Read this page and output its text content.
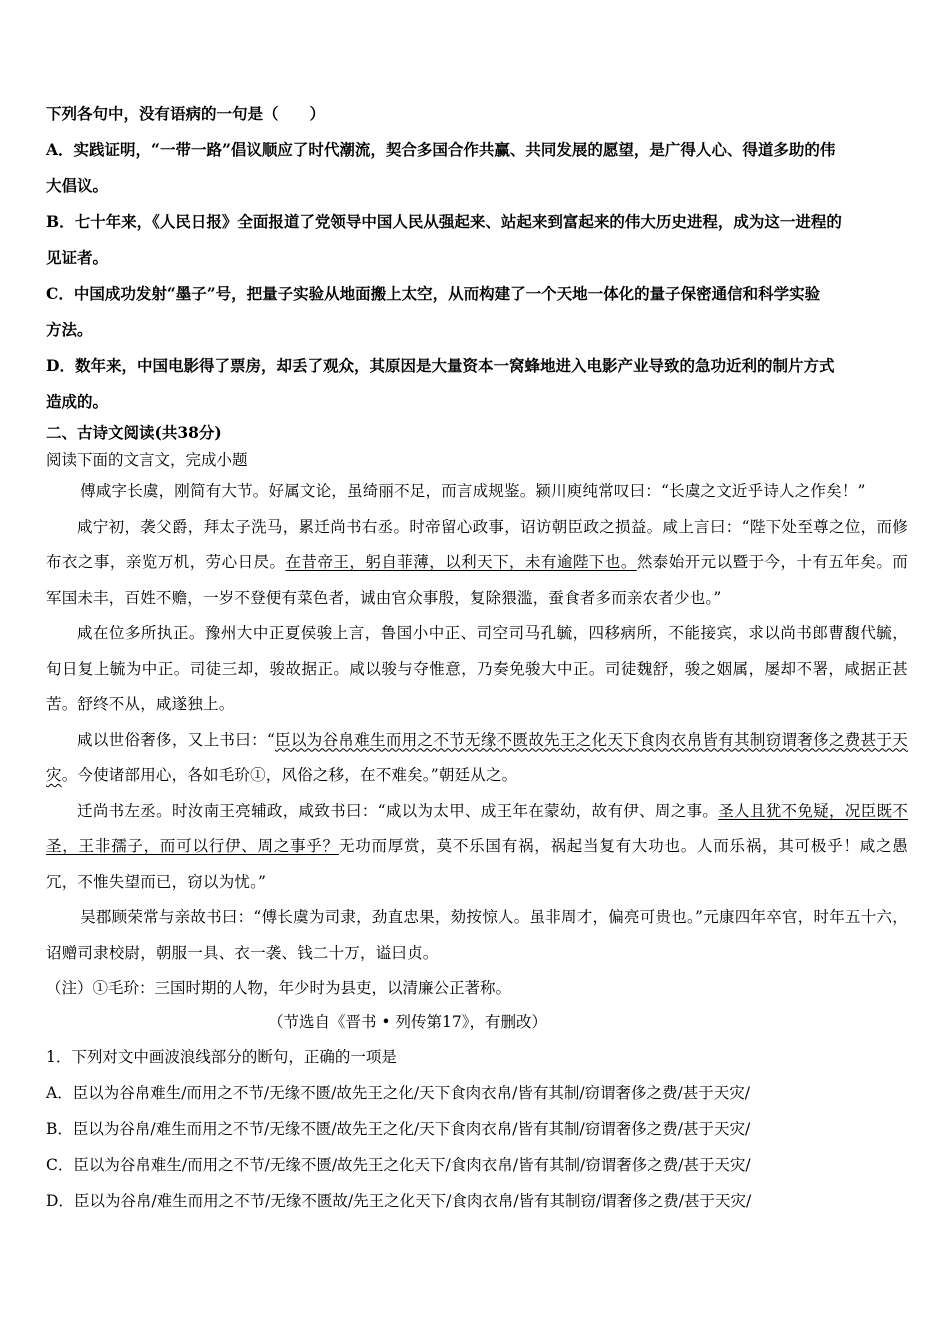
下列各句中，没有语病的一句是（　　）
A．实践证明，“一带一路”倡议顺应了时代潮流，契合多国合作共赢、共同发展的愿望，是广得人心、得道多助的伟
大倡议。
B．七十年来，《人民日报》全面报道了党领导中国人民从强起来、站起来到富起来的伟大历史进程，成为这一进程的
见证者。
C．中国成功发射“墨子”号，把量子实验从地面搬上太空，从而构建了一个天地一体化的量子保密通信和科学实验
方法。
D．数年来，中国电影得了票房，却丢了观众，其原因是大量资本一窝蜂地进入电影产业导致的急功近利的制片方式
造成的。
二、古诗文阅读(共38分)
阅读下面的文言文，完成小题

傅咸字长虞，刚简有大节。好属文论，虽绮丽不足，而言成规鉴。颍川庾纯常叹曰：“长虞之文近乎诗人之作矣！”

咸宁初，袭父爵，拜太子洗马，累迁尚书右丞。时帝留心政事，诏访朝臣政之损益。咸上言曰：“陛下处至尊之位，而修布衣之事，亲览万机，劳心日昃。在昔帝王，躬自菲薄，以利天下，未有逾陛下也。然泰始开元以暨于今，十有五年矣。而军国未丰，百姓不赡，一岁不登便有菜色者，诚由官众事殷，复除猥滥，蚕食者多而亲农者少也。”

咸在位多所执正。豫州大中正夏侯骏上言，鲁国小中正、司空司马孔毓，四移病所，不能接宾，求以尚书郎曹馥代毓，旬日复上毓为中正。司徒三却，骏故据正。咸以骏与夺惟意，乃奏免骏大中正。司徒魏舒，骏之姻属，屡却不署，咸据正甚苦。舒终不从，咸遂独上。

咸以世俗奢侈，又上书曰：“臣以为谷帛难生而用之不节无缘不匮故先王之化天下食肉衣帛皆有其制窃谓奢侈之费甚于天灾。今使诸部用心，各如毛玠①，风俗之移，在不难矣。”朝廷从之。

迁尚书左丞。时汝南王亮辅政，咸致书曰：“咸以为太甲、成王年在蒙幼，故有伊、周之事。圣人且犹不免疑，况臣既不圣，王非孺子，而可以行伊、周之事乎？无功而厚赏，莫不乐国有祸，祸起当复有大功也。人而乐祸，其可极乎！咸之愚冗，不惟失望而已，窃以为忧。”

吴郡顾荣常与亲故书曰：“傅长虞为司隶，劲直忠果，劾按惊人。虽非周才，偏亮可贵也。”元康四年卒官，时年五十六，诏赠司隶校尉，朝服一具、衣一袭、钱二十万，谥曰贞。

（注）①毛玠：三国时期的人物，年少时为县吏，以清廉公正著称。
（节选自《晋书 • 列传第17》，有删改）
1．下列对文中画波浪线部分的断句，正确的一项是
A．臣以为谷帛难生/而用之不节/无缘不匮/故先王之化/天下食肉衣帛/皆有其制/窃谓奢侈之费/甚于天灾/
B．臣以为谷帛/难生而用之不节/无缘不匮/故先王之化/天下食肉衣帛/皆有其制/窃谓奢侈之费/甚于天灾/
C．臣以为谷帛难生/而用之不节/无缘不匮/故先王之化天下/食肉衣帛/皆有其制/窃谓奢侈之费/甚于天灾/
D．臣以为谷帛/难生而用之不节/无缘不匮故/先王之化天下/食肉衣帛/皆有其制窃/谓奢侈之费/甚于天灾/
